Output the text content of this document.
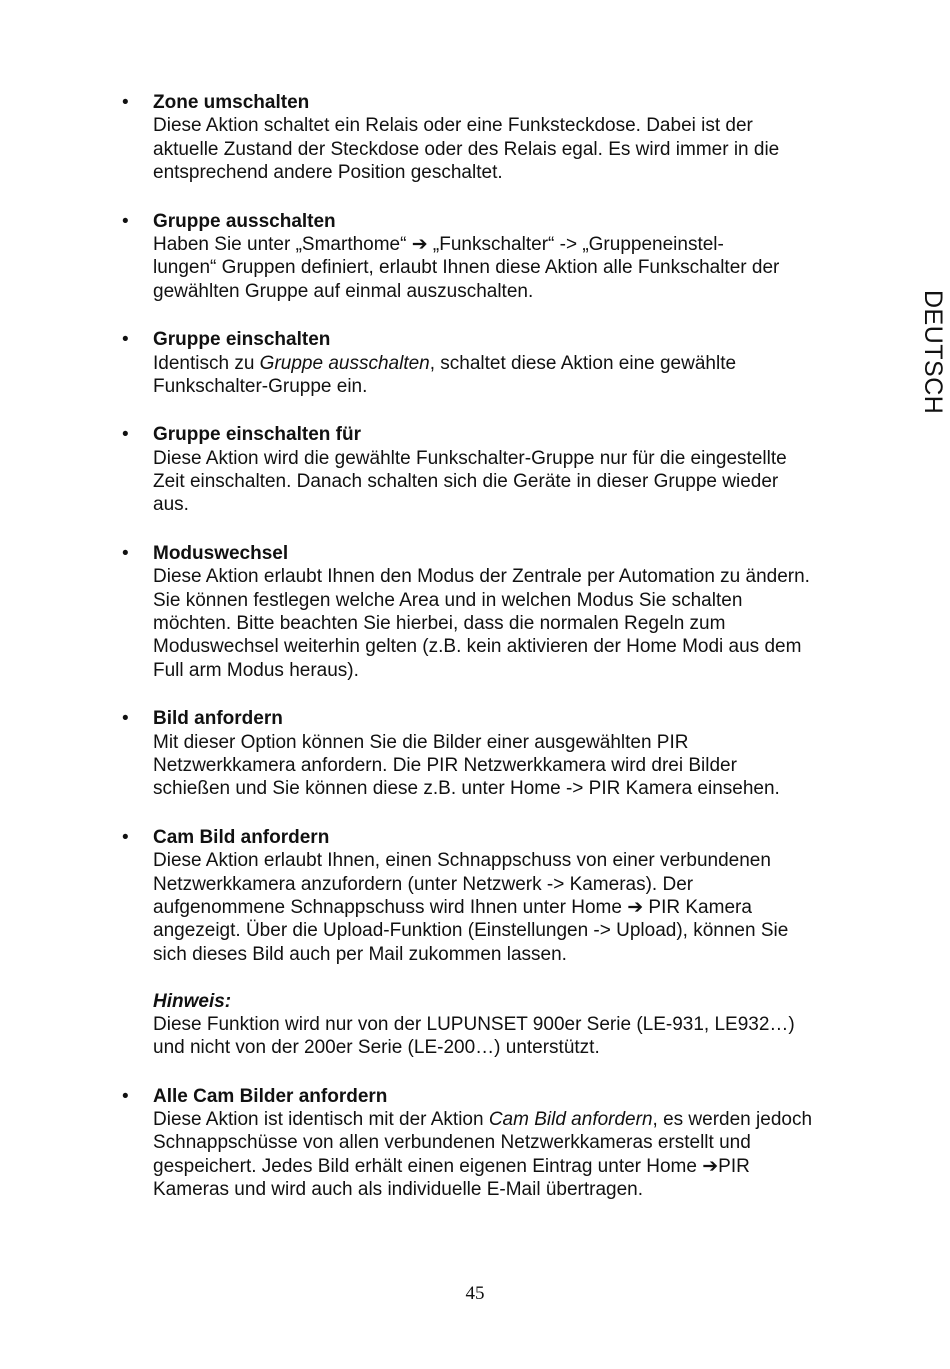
DEUTSCH
• Zone umschalten
Diese Aktion schaltet ein Relais oder eine Funksteckdose. Dabei ist der
aktuelle Zustand der Steckdose oder des Relais egal. Es wird immer in die
entsprechend andere Position geschaltet.
• Gruppe ausschalten
Haben Sie unter „Smarthome“ ➔ „Funkschalter“ -> „Gruppeneinstel-
lungen“ Gruppen definiert, erlaubt Ihnen diese Aktion alle Funkschalter der
gewählten Gruppe auf einmal auszuschalten.
• Gruppe einschalten
Identisch zu Gruppe ausschalten, schaltet diese Aktion eine gewählte
Funkschalter-Gruppe ein.
• Gruppe einschalten für
Diese Aktion wird die gewählte Funkschalter-Gruppe nur für die eingestellte
Zeit einschalten. Danach schalten sich die Geräte in dieser Gruppe wieder
aus.
• Moduswechsel
Diese Aktion erlaubt Ihnen den Modus der Zentrale per Automation zu ändern.
Sie können festlegen welche Area und in welchen Modus Sie schalten
möchten. Bitte beachten Sie hierbei, dass die normalen Regeln zum
Moduswechsel weiterhin gelten (z.B. kein aktivieren der Home Modi aus dem
Full arm Modus heraus).
• Bild anfordern
Mit dieser Option können Sie die Bilder einer ausgewählten PIR
Netzwerkkamera anfordern. Die PIR Netzwerkkamera wird drei Bilder
schießen und Sie können diese z.B. unter Home -> PIR Kamera einsehen.
• Cam Bild anfordern
Diese Aktion erlaubt Ihnen, einen Schnappschuss von einer verbundenen
Netzwerkkamera anzufordern (unter Netzwerk -> Kameras). Der
aufgenommene Schnappschuss wird Ihnen unter Home ➔ PIR Kamera
angezeigt. Über die Upload-Funktion (Einstellungen -> Upload), können Sie
sich dieses Bild auch per Mail zukommen lassen.
Hinweis:
Diese Funktion wird nur von der LUPUNSET 900er Serie (LE-931, LE932…)
und nicht von der 200er Serie (LE-200…) unterstützt.
• Alle Cam Bilder anfordern
Diese Aktion ist identisch mit der Aktion Cam Bild anfordern, es werden jedoch
Schnappschüsse von allen verbundenen Netzwerkkameras erstellt und
gespeichert. Jedes Bild erhält einen eigenen Eintrag unter Home ➔PIR
Kameras und wird auch als individuelle E-Mail übertragen.
45
